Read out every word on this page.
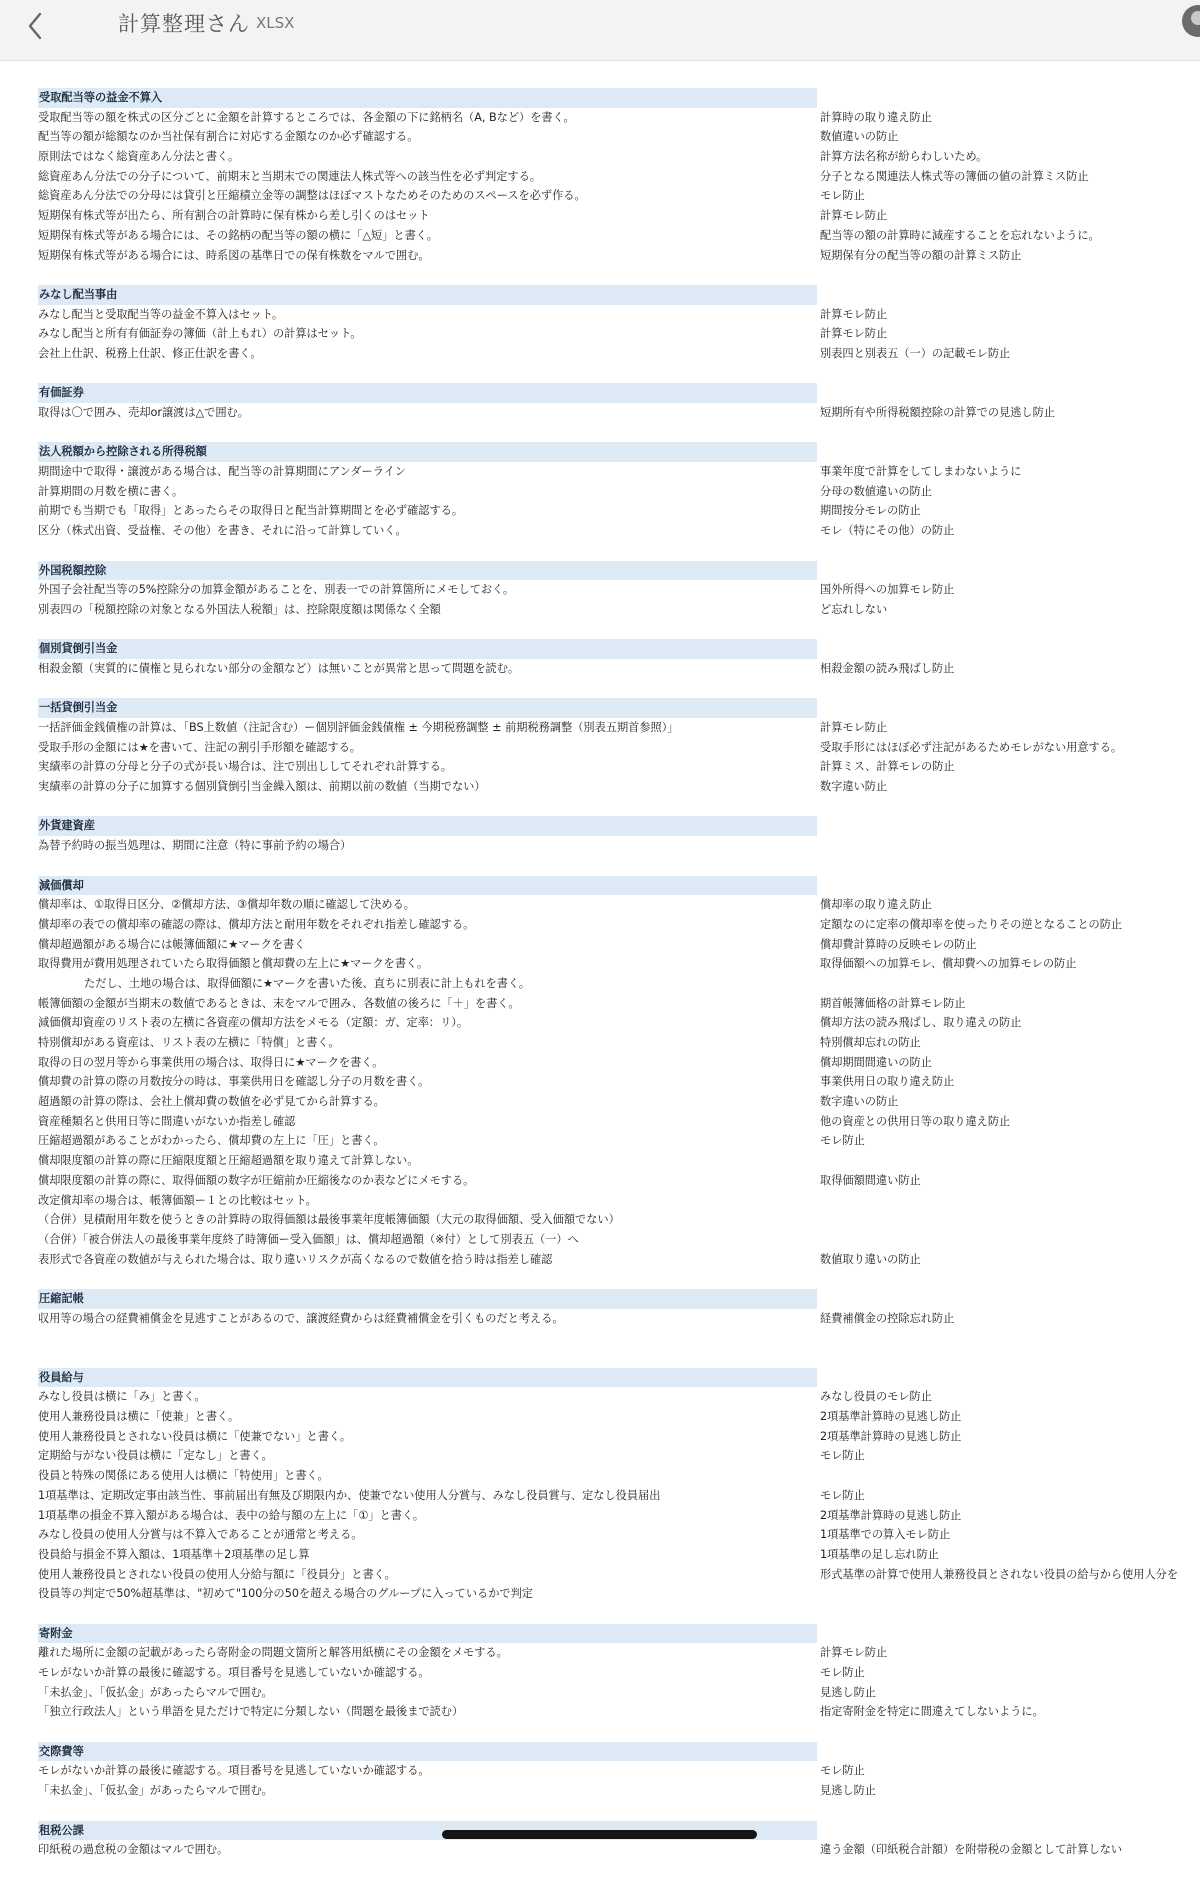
計算整理さん XLSX
受取配当等の益金不算入
受取配当等の額を株式の区分ごとに金額を計算するところでは、各金額の下に銘柄名（A, Bなど）を書く。	計算時の取り違え防止
配当等の額が総額なのか当社保有割合に対応する金額なのか必ず確認する。	数値違いの防止
原則法ではなく総資産あん分法と書く。	計算方法名称が紛らわしいため。
総資産あん分法での分子について、前期末と当期末での関連法人株式等への該当性を必ず判定する。	分子となる関連法人株式等の簿価の値の計算ミス防止
総資産あん分法での分母には貸引と圧縮積立金等の調整はほぼマストなためそのためのスペースを必ず作る。	モレ防止
短期保有株式等が出たら、所有割合の計算時に保有株から差し引くのはセット	計算モレ防止
短期保有株式等がある場合には、その銘柄の配当等の額の横に「△短」と書く。	配当等の額の計算時に減産することを忘れないように。
短期保有株式等がある場合には、時系図の基準日での保有株数をマルで囲む。	短期保有分の配当等の額の計算ミス防止
みなし配当事由
みなし配当と受取配当等の益金不算入はセット。	計算モレ防止
みなし配当と所有有価証券の簿価（計上もれ）の計算はセット。	計算モレ防止
会社上仕訳、税務上仕訳、修正仕訳を書く。	別表四と別表五（一）の記載モレ防止
有価証券
取得は〇で囲み、売却or譲渡は△で囲む。	短期所有や所得税額控除の計算での見逃し防止
法人税額から控除される所得税額
期間途中で取得・譲渡がある場合は、配当等の計算期間にアンダーライン	事業年度で計算をしてしまわないように
計算期間の月数を横に書く。	分母の数値違いの防止
前期でも当期でも「取得」とあったらその取得日と配当計算期間とを必ず確認する。	期間按分モレの防止
区分（株式出資、受益権、その他）を書き、それに沿って計算していく。	モレ（特にその他）の防止
外国税額控除
外国子会社配当等の5%控除分の加算金額があることを、別表一での計算箇所にメモしておく。	国外所得への加算モレ防止
別表四の「税額控除の対象となる外国法人税額」は、控除限度額は関係なく全額	ど忘れしない
個別貸倒引当金
相殺金額（実質的に債権と見られない部分の金額など）は無いことが異常と思って問題を読む。	相殺金額の読み飛ばし防止
一括貸倒引当金
一括評価金銭債権の計算は、「BS上数値（注記含む）ー個別評価金銭債権 ± 今期税務調整 ± 前期税務調整（別表五期首参照）」	計算モレ防止
受取手形の金額には★を書いて、注記の割引手形額を確認する。	受取手形にはほぼ必ず注記があるためモレがない用意する。
実績率の計算の分母と分子の式が長い場合は、注で別出ししてそれぞれ計算する。	計算ミス、計算モレの防止
実績率の計算の分子に加算する個別貸倒引当金繰入額は、前期以前の数値（当期でない）	数字違い防止
外貨建資産
為替予約時の振当処理は、期間に注意（特に事前予約の場合）
減価償却
償却率は、①取得日区分、②償却方法、③償却年数の順に確認して決める。	償却率の取り違え防止
償却率の表での償却率の確認の際は、償却方法と耐用年数をそれぞれ指差し確認する。	定額なのに定率の償却率を使ったりその逆となることの防止
償却超過額がある場合には帳簿価額に★マークを書く	償却費計算時の反映モレの防止
取得費用が費用処理されていたら取得価額と償却費の左上に★マークを書く。	取得価額への加算モレ、償却費への加算モレの防止
ただし、土地の場合は、取得価額に★マークを書いた後、直ちに別表に計上もれを書く。
帳簿価額の金額が当期末の数値であるときは、末をマルで囲み、各数値の後ろに「＋」を書く。	期首帳簿価格の計算モレ防止
減価償却資産のリスト表の左横に各資産の償却方法をメモる（定額：ガ、定率：リ）。	償却方法の読み飛ばし、取り違えの防止
特別償却がある資産は、リスト表の左横に「特償」と書く。	特別償却忘れの防止
取得の日の翌月等から事業供用の場合は、取得日に★マークを書く。	償却期間間違いの防止
償却費の計算の際の月数按分の時は、事業供用日を確認し分子の月数を書く。	事業供用日の取り違え防止
超過額の計算の際は、会社上償却費の数値を必ず見てから計算する。	数字違いの防止
資産種類名と供用日等に間違いがないか指差し確認	他の資産との供用日等の取り違え防止
圧縮超過額があることがわかったら、償却費の左上に「圧」と書く。	モレ防止
償却限度額の計算の際に圧縮限度額と圧縮超過額を取り違えて計算しない。
償却限度額の計算の際に、取得価額の数字が圧縮前か圧縮後なのか表などにメモする。	取得価額間違い防止
改定償却率の場合は、帳簿価額ー１との比較はセット。
（合併）見積耐用年数を使うときの計算時の取得価額は最後事業年度帳簿価額（大元の取得価額、受入価額でない）
（合併）「被合併法人の最後事業年度終了時簿価ー受入価額」は、償却超過額（※付）として別表五（一）へ
表形式で各資産の数値が与えられた場合は、取り違いリスクが高くなるので数値を拾う時は指差し確認	数値取り違いの防止
圧縮記帳
収用等の場合の経費補償金を見逃すことがあるので、譲渡経費からは経費補償金を引くものだと考える。	経費補償金の控除忘れ防止
役員給与
みなし役員は横に「み」と書く。	みなし役員のモレ防止
使用人兼務役員は横に「使兼」と書く。	2項基準計算時の見逃し防止
使用人兼務役員とされない役員は横に「使兼でない」と書く。	2項基準計算時の見逃し防止
定期給与がない役員は横に「定なし」と書く。	モレ防止
役員と特殊の関係にある使用人は横に「特使用」と書く。
1項基準は、定期改定事由該当性、事前届出有無及び期限内か、使兼でない使用人分賞与、みなし役員賞与、定なし役員届出	モレ防止
1項基準の損金不算入額がある場合は、表中の給与額の左上に「①」と書く。	2項基準計算時の見逃し防止
みなし役員の使用人分賞与は不算入であることが通常と考える。	1項基準での算入モレ防止
役員給与損金不算入額は、1項基準＋2項基準の足し算	1項基準の足し忘れ防止
使用人兼務役員とされない役員の使用人分給与額に「役員分」と書く。	形式基準の計算で使用人兼務役員とされない役員の給与から使用人分を
役員等の判定で50%超基準は、"初めて"100分の50を超える場合のグループに入っているかで判定
寄附金
離れた場所に金額の記載があったら寄附金の問題文箇所と解答用紙横にその金額をメモする。	計算モレ防止
モレがないか計算の最後に確認する。項目番号を見逃していないか確認する。	モレ防止
「未払金」、「仮払金」があったらマルで囲む。	見逃し防止
「独立行政法人」という単語を見ただけで特定に分類しない（問題を最後まで読む）	指定寄附金を特定に間違えてしないように。
交際費等
モレがないか計算の最後に確認する。項目番号を見逃していないか確認する。	モレ防止
「未払金」、「仮払金」があったらマルで囲む。	見逃し防止
租税公課
印紙税の過怠税の金額はマルで囲む。	違う金額（印紙税合計額）を附帯税の金額として計算しない
